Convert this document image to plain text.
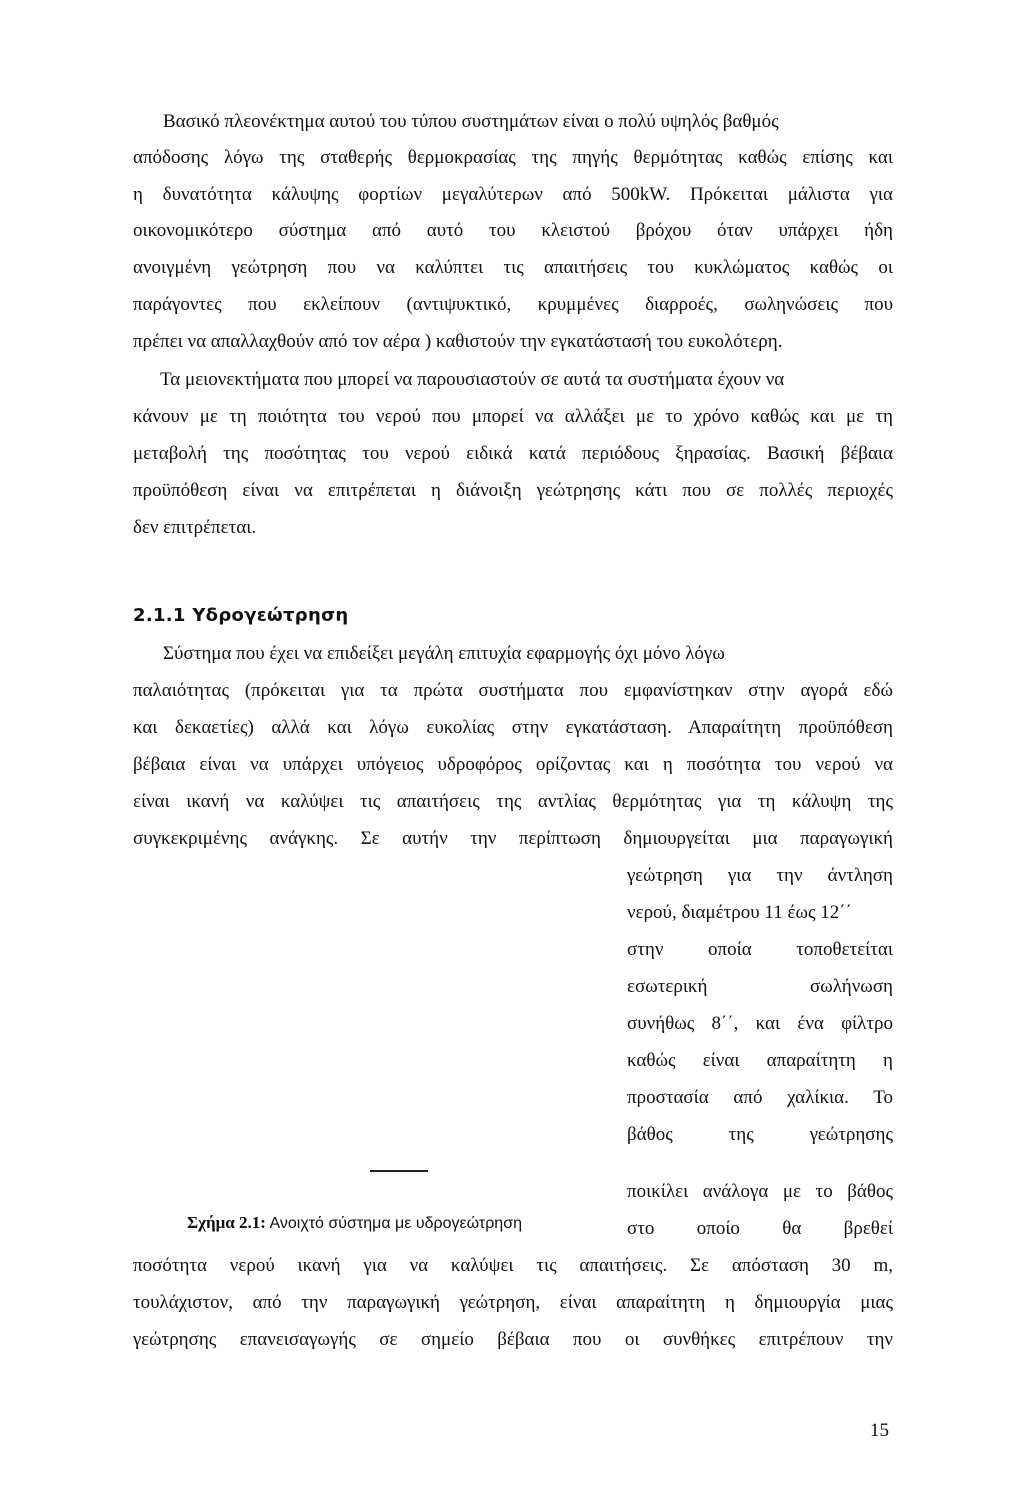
Βασικό πλεονέκτημα αυτού του τύπου συστημάτων είναι ο πολύ υψηλός βαθμός
απόδοσης λόγω της σταθερής θερμοκρασίας της πηγής θερμότητας καθώς επίσης και
η δυνατότητα κάλυψης φορτίων μεγαλύτερων από 500kW. Πρόκειται μάλιστα για
οικονομικότερο σύστημα από αυτό του κλειστού βρόχου όταν υπάρχει ήδη
ανοιγμένη γεώτρηση που να καλύπτει τις απαιτήσεις του κυκλώματος καθώς οι
παράγοντες που εκλείπουν (αντιψυκτικό, κρυμμένες διαρροές, σωληνώσεις που
πρέπει να απαλλαχθούν από τον αέρα ) καθιστούν την εγκατάστασή του ευκολότερη.
Τα μειονεκτήματα που μπορεί να παρουσιαστούν σε αυτά τα συστήματα έχουν να
κάνουν με τη ποιότητα του νερού που μπορεί να αλλάξει με το χρόνο καθώς και με τη
μεταβολή της ποσότητας του νερού ειδικά κατά περιόδους ξηρασίας. Βασική βέβαια
προϋπόθεση είναι να επιτρέπεται η διάνοιξη γεώτρησης κάτι που σε πολλές περιοχές
δεν επιτρέπεται.
2.1.1 Υδρογεώτρηση
Σύστημα που έχει να επιδείξει μεγάλη επιτυχία εφαρμογής όχι μόνο λόγω
παλαιότητας (πρόκειται για τα πρώτα συστήματα που εμφανίστηκαν στην αγορά εδώ
και δεκαετίες) αλλά και λόγω ευκολίας στην εγκατάσταση. Απαραίτητη προϋπόθεση
βέβαια είναι να υπάρχει υπόγειος υδροφόρος ορίζοντας και η ποσότητα του νερού να
είναι ικανή να καλύψει τις απαιτήσεις της αντλίας θερμότητας για τη κάλυψη της
συγκεκριμένης ανάγκης. Σε αυτήν την περίπτωση δημιουργείται μια παραγωγική
γεώτρηση για την άντληση
νερού, διαμέτρου 11 έως 12΄΄
στην οποία τοποθετείται
εσωτερική σωλήνωση
συνήθως 8΄΄, και ένα φίλτρο
καθώς είναι απαραίτητη η
προστασία από χαλίκια. Το
βάθος της γεώτρησης
ποικίλει ανάλογα με το βάθος
στο οποίο θα βρεθεί
Σχήμα 2.1: Ανοιχτό σύστημα με υδρογεώτρηση
ποσότητα νερού ικανή για να καλύψει τις απαιτήσεις. Σε απόσταση 30 m,
τουλάχιστον, από την παραγωγική γεώτρηση, είναι απαραίτητη η δημιουργία μιας
γεώτρησης επανεισαγωγής σε σημείο βέβαια που οι συνθήκες επιτρέπουν την
15
